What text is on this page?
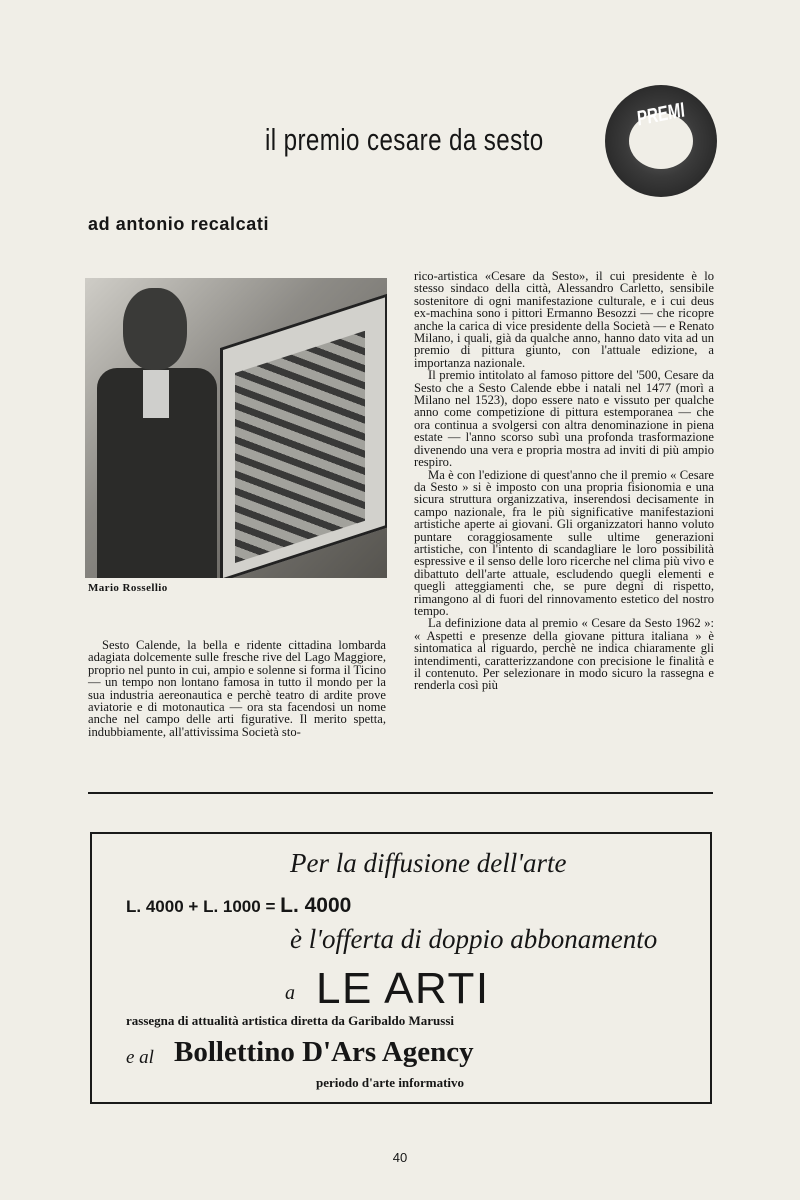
il premio cesare da sesto
PREMI
ad antonio recalcati
Mario Rossellio

Sesto Calende, la bella e ridente cittadina lombarda adagiata dolcemente sulle fresche rive del Lago Maggiore, proprio nel punto in cui, ampio e solenne si forma il Ticino — un tempo non lontano famosa in tutto il mondo per la sua industria aereonautica e perchè teatro di ardite prove aviatorie e di motonautica — ora sta facendosi un nome anche nel campo delle arti figurative. Il merito spetta, indubbiamente, all'attivissima Società sto-

rico-artistica «Cesare da Sesto», il cui presidente è lo stesso sindaco della città, Alessandro Carletto, sensibile sostenitore di ogni manifestazione culturale, e i cui deus ex-machina sono i pittori Ermanno Besozzi — che ricopre anche la carica di vice presidente della Società — e Renato Milano, i quali, già da qualche anno, hanno dato vita ad un premio di pittura giunto, con l'attuale edizione, a importanza nazionale.

Il premio intitolato al famoso pittore del '500, Cesare da Sesto che a Sesto Calende ebbe i natali nel 1477 (morì a Milano nel 1523), dopo essere nato e vissuto per qualche anno come competizione di pittura estemporanea — che ora continua a svolgersi con altra denominazione in piena estate — l'anno scorso subì una profonda trasformazione divenendo una vera e propria mostra ad inviti di più ampio respiro.

Ma è con l'edizione di quest'anno che il premio « Cesare da Sesto » si è imposto con una propria fisionomia e una sicura struttura organizzativa, inserendosi decisamente in campo nazionale, fra le più significative manifestazioni artistiche aperte ai giovani. Gli organizzatori hanno voluto puntare coraggiosamente sulle ultime generazioni artistiche, con l'intento di scandagliare le loro possibilità espressive e il senso delle loro ricerche nel clima più vivo e dibattuto dell'arte attuale, escludendo quegli elementi e quegli atteggiamenti che, se pure degni di rispetto, rimangono al di fuori del rinnovamento estetico del nostro tempo.

La definizione data al premio « Cesare da Sesto 1962 »: « Aspetti e presenze della giovane pittura italiana » è sintomatica al riguardo, perchè ne indica chiaramente gli intendimenti, caratterizzandone con precisione le finalità e il contenuto. Per selezionare in modo sicuro la rassegna e renderla così più

Per la diffusione dell'arte
L. 4000 + L. 1000 = L. 4000
è l'offerta di doppio abbonamento
a LE ARTI
rassegna di attualità artistica diretta da Garibaldo Marussi
e al Bollettino D'Ars Agency
periodo d'arte informativo
40
